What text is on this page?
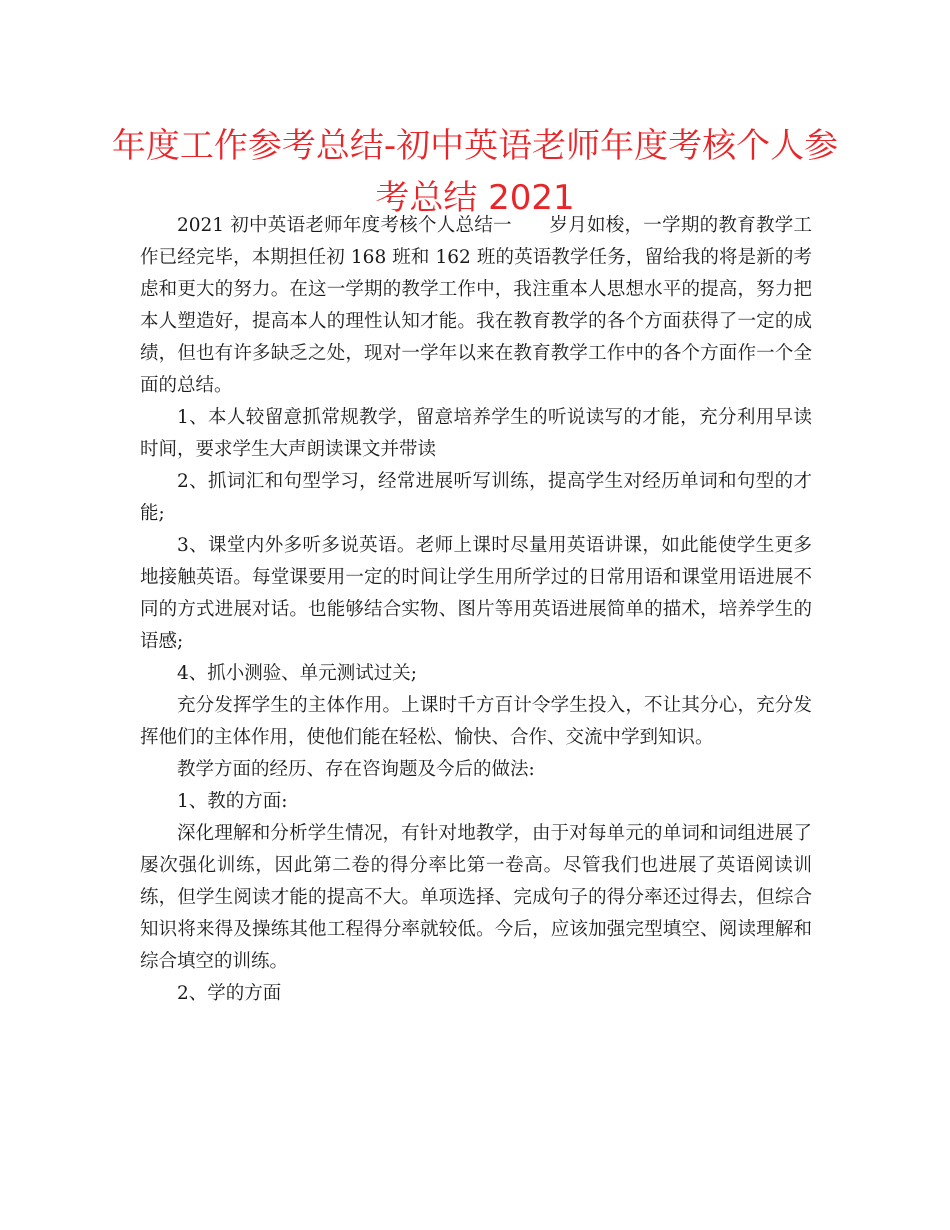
年度工作参考总结-初中英语老师年度考核个人参
考总结 2021

2021 初中英语老师年度考核个人总结一　　岁月如梭，一学期的教育教学工作已经完毕，本期担任初 168 班和 162 班的英语教学任务，留给我的将是新的考虑和更大的努力。在这一学期的教学工作中，我注重本人思想水平的提高，努力把本人塑造好，提高本人的理性认知才能。我在教育教学的各个方面获得了一定的成绩，但也有许多缺乏之处，现对一学年以来在教育教学工作中的各个方面作一个全面的总结。

1、本人较留意抓常规教学，留意培养学生的听说读写的才能，充分利用早读时间，要求学生大声朗读课文并带读

2、抓词汇和句型学习，经常进展听写训练，提高学生对经历单词和句型的才能;

3、课堂内外多听多说英语。老师上课时尽量用英语讲课，如此能使学生更多地接触英语。每堂课要用一定的时间让学生用所学过的日常用语和课堂用语进展不同的方式进展对话。也能够结合实物、图片等用英语进展简单的描术，培养学生的语感;

4、抓小测验、单元测试过关;

充分发挥学生的主体作用。上课时千方百计令学生投入，不让其分心，充分发挥他们的主体作用，使他们能在轻松、愉快、合作、交流中学到知识。

教学方面的经历、存在咨询题及今后的做法:

1、教的方面:

深化理解和分析学生情况，有针对地教学，由于对每单元的单词和词组进展了屡次强化训练，因此第二卷的得分率比第一卷高。尽管我们也进展了英语阅读训练，但学生阅读才能的提高不大。单项选择、完成句子的得分率还过得去，但综合知识将来得及操练其他工程得分率就较低。今后，应该加强完型填空、阅读理解和综合填空的训练。

2、学的方面
